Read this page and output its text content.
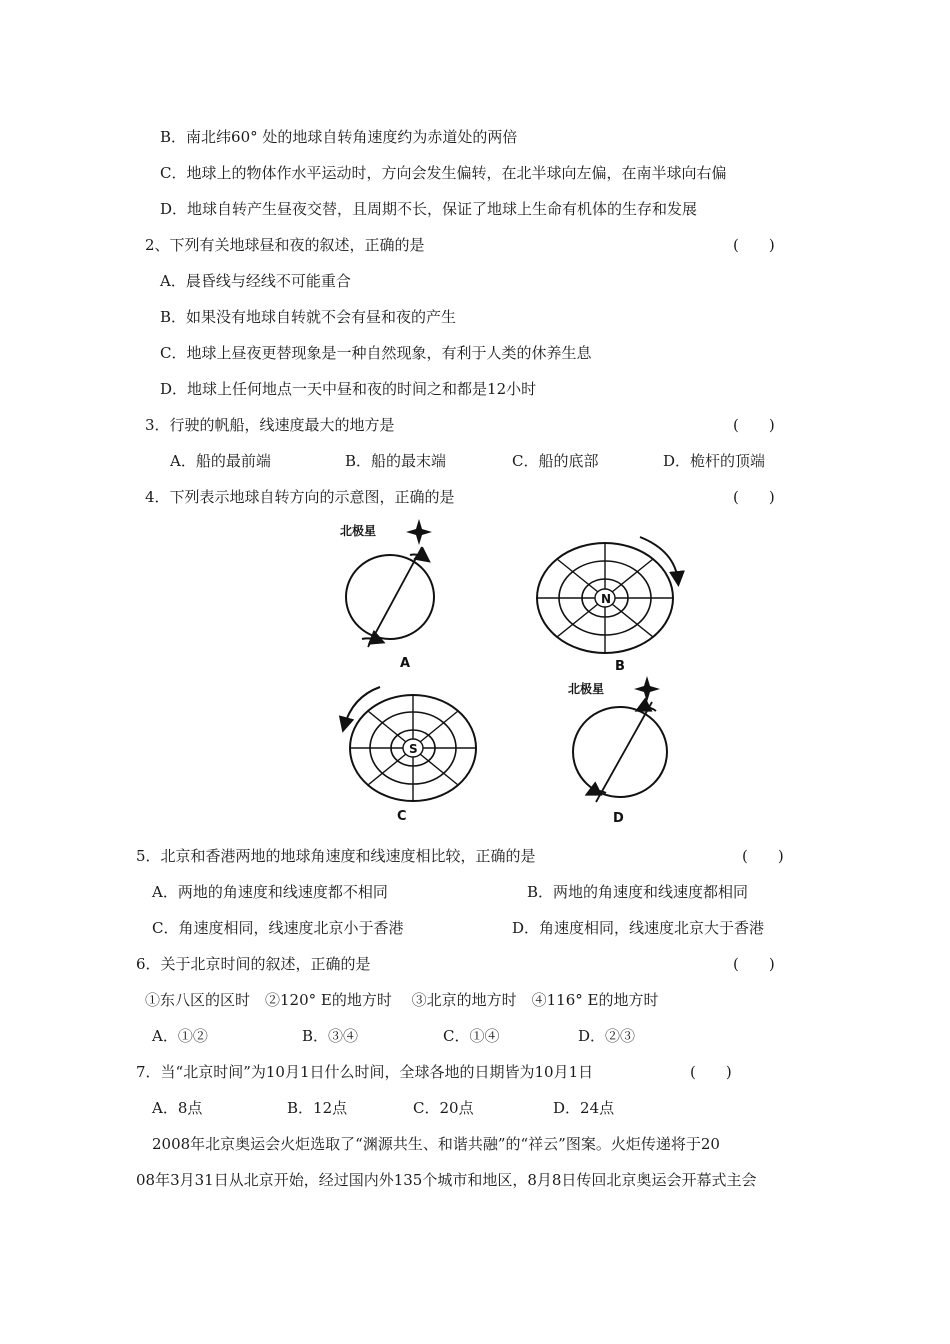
B．南北纬60° 处的地球自转角速度约为赤道处的两倍
C．地球上的物体作水平运动时，方向会发生偏转，在北半球向左偏，在南半球向右偏
D．地球自转产生昼夜交替，且周期不长，保证了地球上生命有机体的生存和发展
2、下列有关地球昼和夜的叙述，正确的是	(　　)
A．晨昏线与经线不可能重合
B．如果没有地球自转就不会有昼和夜的产生
C．地球上昼夜更替现象是一种自然现象，有利于人类的休养生息
D．地球上任何地点一天中昼和夜的时间之和都是12小时
3．行驶的帆船，线速度最大的地方是	(　　)
A．船的最前端	B．船的最末端	C．船的底部	D．桅杆的顶端
4．下列表示地球自转方向的示意图，正确的是	(　　)
北极星
A
N
B
S
C
北极星
D
5．北京和香港两地的地球角速度和线速度相比较，正确的是	(　　)
A．两地的角速度和线速度都不相同	B．两地的角速度和线速度都相同
C．角速度相同，线速度北京小于香港	D．角速度相同，线速度北京大于香港
6．关于北京时间的叙述，正确的是	(　　)
①东八区的区时　②120° E的地方时　 ③北京的地方时　④116° E的地方时
A．①②	B．③④	C．①④	D．②③
7．当“北京时间”为10月1日什么时间，全球各地的日期皆为10月1日	(　　)
A．8点	B．12点	C．20点	D．24点
2008年北京奥运会火炬选取了“渊源共生、和谐共融”的“祥云”图案。火炬传递将于20
08年3月31日从北京开始，经过国内外135个城市和地区，8月8日传回北京奥运会开幕式主会
